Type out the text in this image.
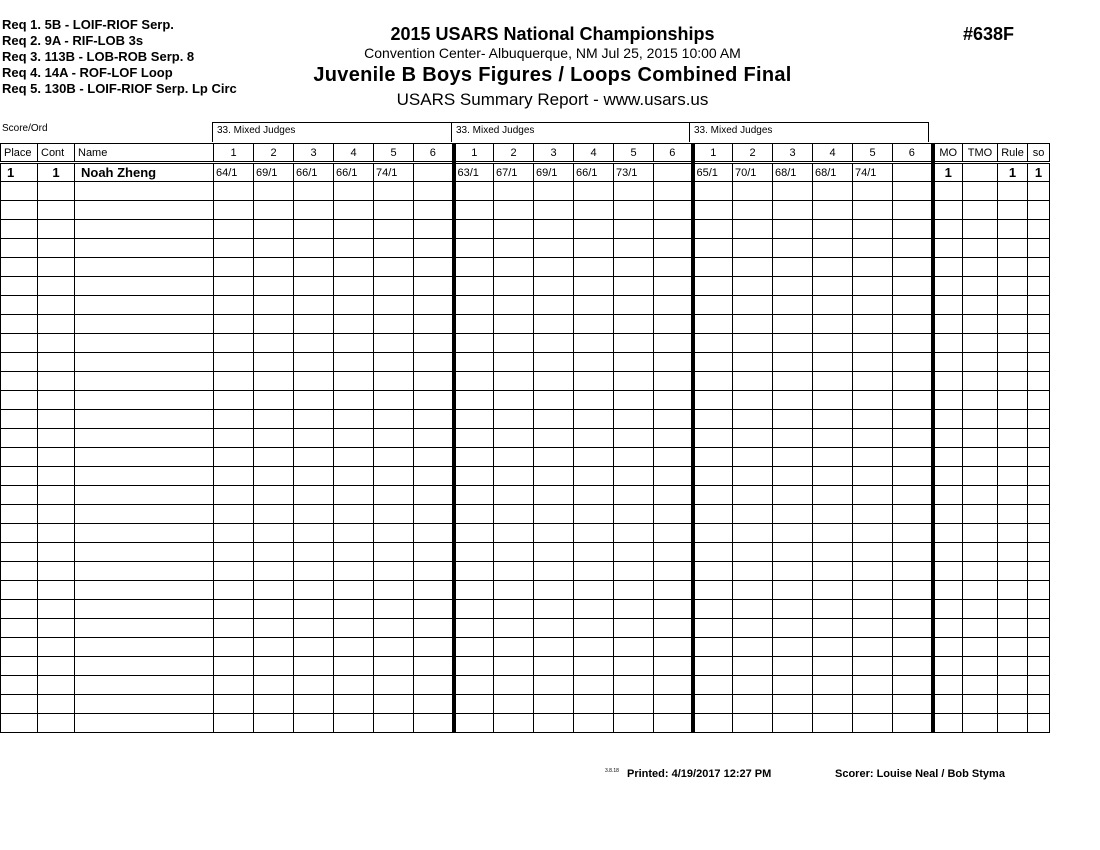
Req 1. 5B - LOIF-RIOF Serp.
Req 2. 9A - RIF-LOB 3s
Req 3. 113B - LOB-ROB Serp. 8
Req 4. 14A - ROF-LOF Loop
Req 5. 130B - LOIF-RIOF Serp. Lp Circ
2015 USARS National Championships
Convention Center- Albuquerque, NM Jul 25, 2015 10:00 AM
Juvenile B Boys Figures / Loops Combined Final
USARS Summary Report - www.usars.us
#638F
Score/Ord	33. Mixed Judges	33. Mixed Judges	33. Mixed Judges
Place	Cont	Name	1	2	3	4	5	6	1	2	3	4	5	6	1	2	3	4	5	6	MO	TMO	Rule	so
1	1	Noah Zheng	64/1	69/1	66/1	66/1	74/1		63/1	67/1	69/1	66/1	73/1		65/1	70/1	68/1	68/1	74/1		1		1	1

3.8.18 Printed: 4/19/2017 12:27 PM	Scorer: Louise Neal / Bob Styma
